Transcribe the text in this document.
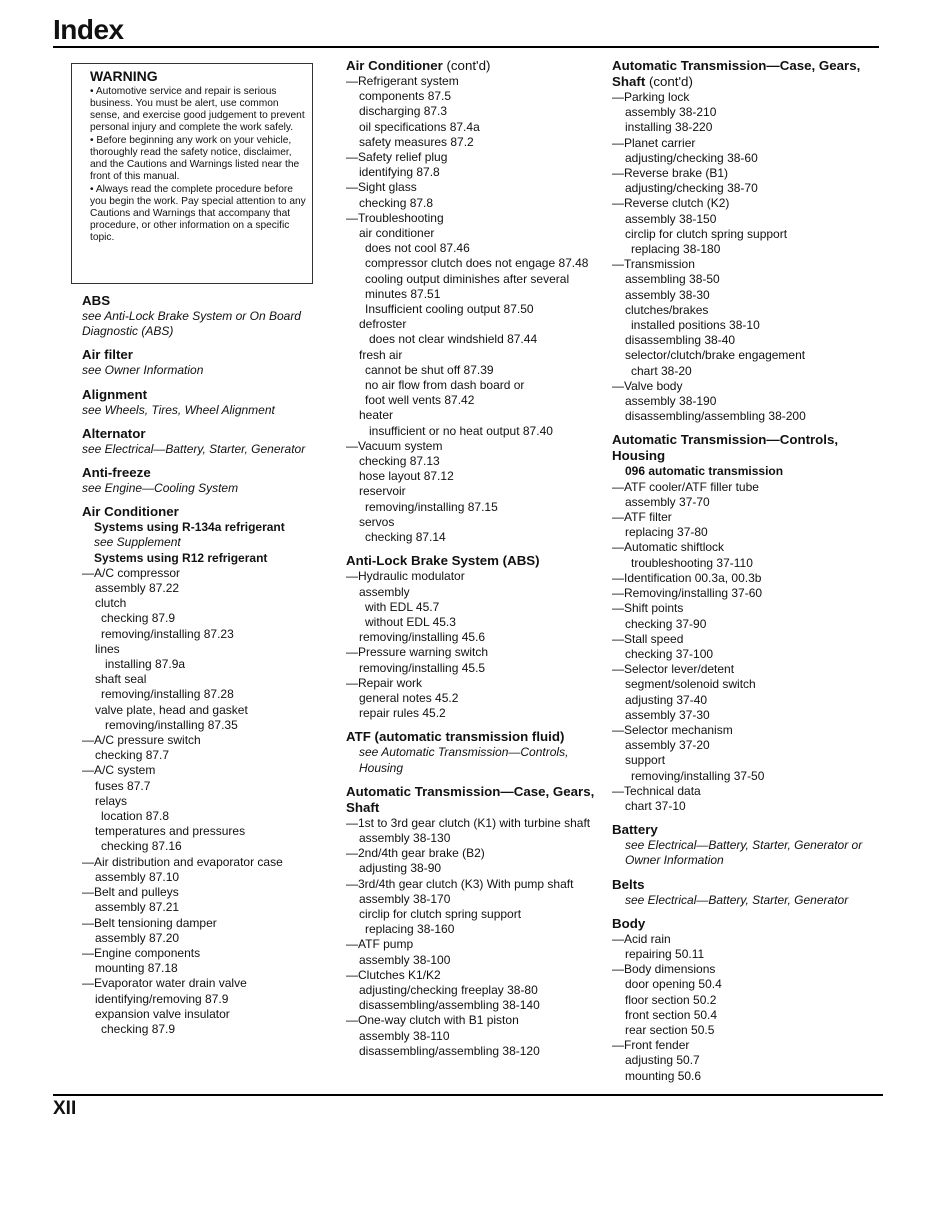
Index
WARNING
• Automotive service and repair is serious business. You must be alert, use common sense, and exercise good judgement to prevent personal injury and complete the work safely.
• Before beginning any work on your vehicle, thoroughly read the safety notice, disclaimer, and the Cautions and Warnings listed near the front of this manual.
• Always read the complete procedure before you begin the work. Pay special attention to any Cautions and Warnings that accompany that procedure, or other information on a specific topic.
ABS
see Anti-Lock Brake System or On Board Diagnostic (ABS)
Air filter
see Owner Information
Alignment
see Wheels, Tires, Wheel Alignment
Alternator
see Electrical—Battery, Starter, Generator
Anti-freeze
see Engine—Cooling System
Air Conditioner
Systems using R-134a refrigerant
see Supplement
Systems using R12 refrigerant
—A/C compressor
assembly 87.22
clutch
checking 87.9
removing/installing 87.23
lines
installing 87.9a
shaft seal
removing/installing 87.28
valve plate, head and gasket
removing/installing 87.35
—A/C pressure switch
checking 87.7
—A/C system
fuses 87.7
relays
location 87.8
temperatures and pressures
checking 87.16
—Air distribution and evaporator case
assembly 87.10
—Belt and pulleys
assembly 87.21
—Belt tensioning damper
assembly 87.20
—Engine components
mounting 87.18
—Evaporator water drain valve
identifying/removing 87.9
expansion valve insulator
checking 87.9
Air Conditioner (cont'd)
—Refrigerant system
components 87.5
discharging 87.3
oil specifications 87.4a
safety measures 87.2
—Safety relief plug
identifying 87.8
—Sight glass
checking 87.8
—Troubleshooting
air conditioner
does not cool 87.46
compressor clutch does not engage 87.48
cooling output diminishes after several
minutes 87.51
Insufficient cooling output 87.50
defroster
does not clear windshield 87.44
fresh air
cannot be shut off 87.39
no air flow from dash board or
foot well vents 87.42
heater
insufficient or no heat output 87.40
—Vacuum system
checking 87.13
hose layout 87.12
reservoir
removing/installing 87.15
servos
checking 87.14
Anti-Lock Brake System (ABS)
—Hydraulic modulator
assembly
with EDL 45.7
without EDL 45.3
removing/installing 45.6
—Pressure warning switch
removing/installing 45.5
—Repair work
general notes 45.2
repair rules 45.2
ATF (automatic transmission fluid)
see Automatic Transmission—Controls, Housing
Automatic Transmission—Case, Gears, Shaft
—1st to 3rd gear clutch (K1) with turbine shaft
assembly 38-130
—2nd/4th gear brake (B2)
adjusting 38-90
—3rd/4th gear clutch (K3) With pump shaft
assembly 38-170
circlip for clutch spring support
replacing 38-160
—ATF pump
assembly 38-100
—Clutches K1/K2
adjusting/checking freeplay 38-80
disassembling/assembling 38-140
—One-way clutch with B1 piston
assembly 38-110
disassembling/assembling 38-120
Automatic Transmission—Case, Gears, Shaft (cont'd)
—Parking lock
assembly 38-210
installing 38-220
—Planet carrier
adjusting/checking 38-60
—Reverse brake (B1)
adjusting/checking 38-70
—Reverse clutch (K2)
assembly 38-150
circlip for clutch spring support
replacing 38-180
—Transmission
assembling 38-50
assembly 38-30
clutches/brakes
installed positions 38-10
disassembling 38-40
selector/clutch/brake engagement
chart 38-20
—Valve body
assembly 38-190
disassembling/assembling 38-200
Automatic Transmission—Controls, Housing
096 automatic transmission
—ATF cooler/ATF filler tube
assembly 37-70
—ATF filter
replacing 37-80
—Automatic shiftlock
troubleshooting 37-110
—Identification 00.3a, 00.3b
—Removing/installing 37-60
—Shift points
checking 37-90
—Stall speed
checking 37-100
—Selector lever/detent
segment/solenoid switch
adjusting 37-40
assembly 37-30
—Selector mechanism
assembly 37-20
support
removing/installing 37-50
—Technical data
chart 37-10
Battery
see Electrical—Battery, Starter, Generator or Owner Information
Belts
see Electrical—Battery, Starter, Generator
Body
—Acid rain
repairing 50.11
—Body dimensions
door opening 50.4
floor section 50.2
front section 50.4
rear section 50.5
—Front fender
adjusting 50.7
mounting 50.6
XII
